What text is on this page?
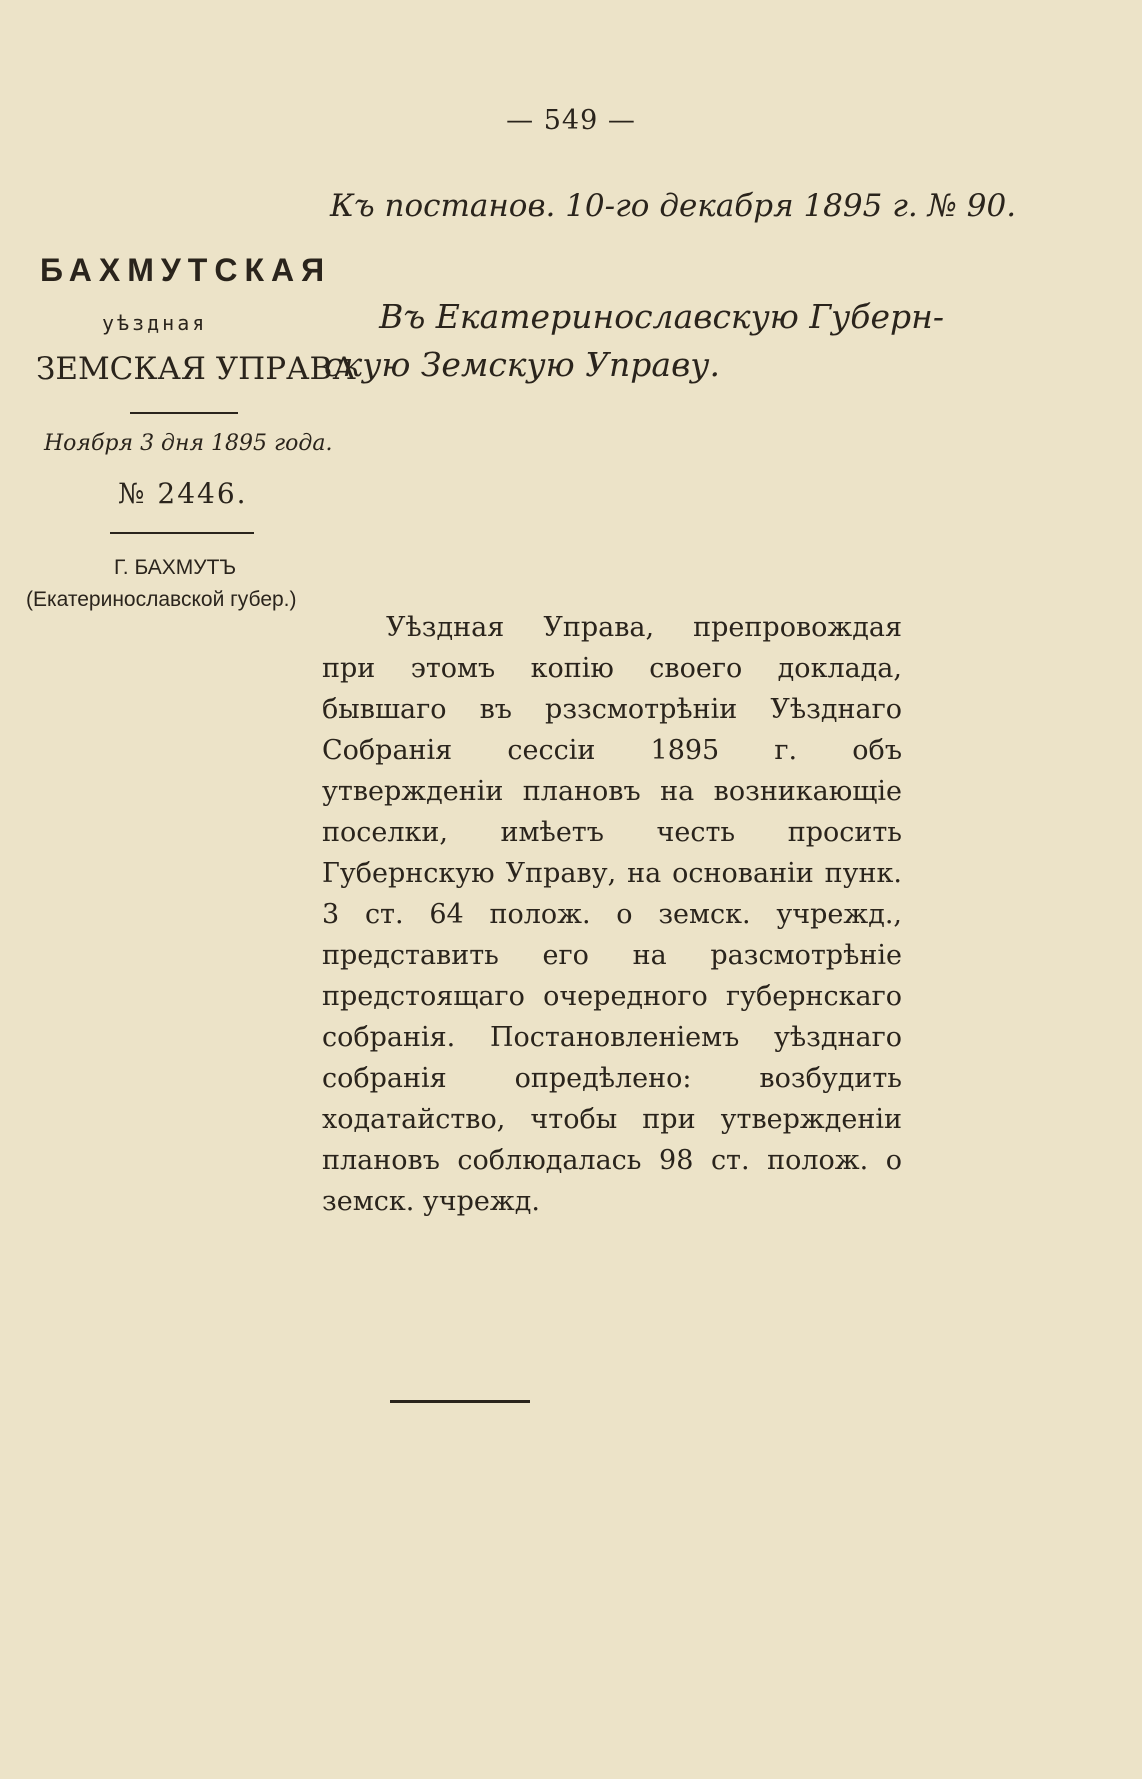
— 549 —
Къ постанов. 10-го декабря 1895 г. № 90.
БАХМУТСКАЯ
уѣздная
ЗЕМСКАЯ УПРАВА
Въ Екатеринославскую Губерн-
скую Земскую Управу.
Ноября 3 дня 1895 года.
№ 2446.
Г. БАХМУТЪ
(Екатеринославской губер.)

Уѣздная Управа, препровождая при этомъ копію своего доклада, бывшаго въ рззсмотрѣніи Уѣзднаго Собранія сессіи 1895 г. объ утвержденіи плановъ на возникающіе поселки, имѣетъ честь просить Губернскую Управу, на основаніи пунк. 3 ст. 64 полож. о земск. учрежд., представить его на разсмотрѣніе предстоящаго очередного губернскаго собранія. Постановленіемъ уѣзднаго собранія опредѣлено: возбудить ходатайство, чтобы при утвержденіи плановъ соблюдалась 98 ст. полож. о земск. учрежд.
